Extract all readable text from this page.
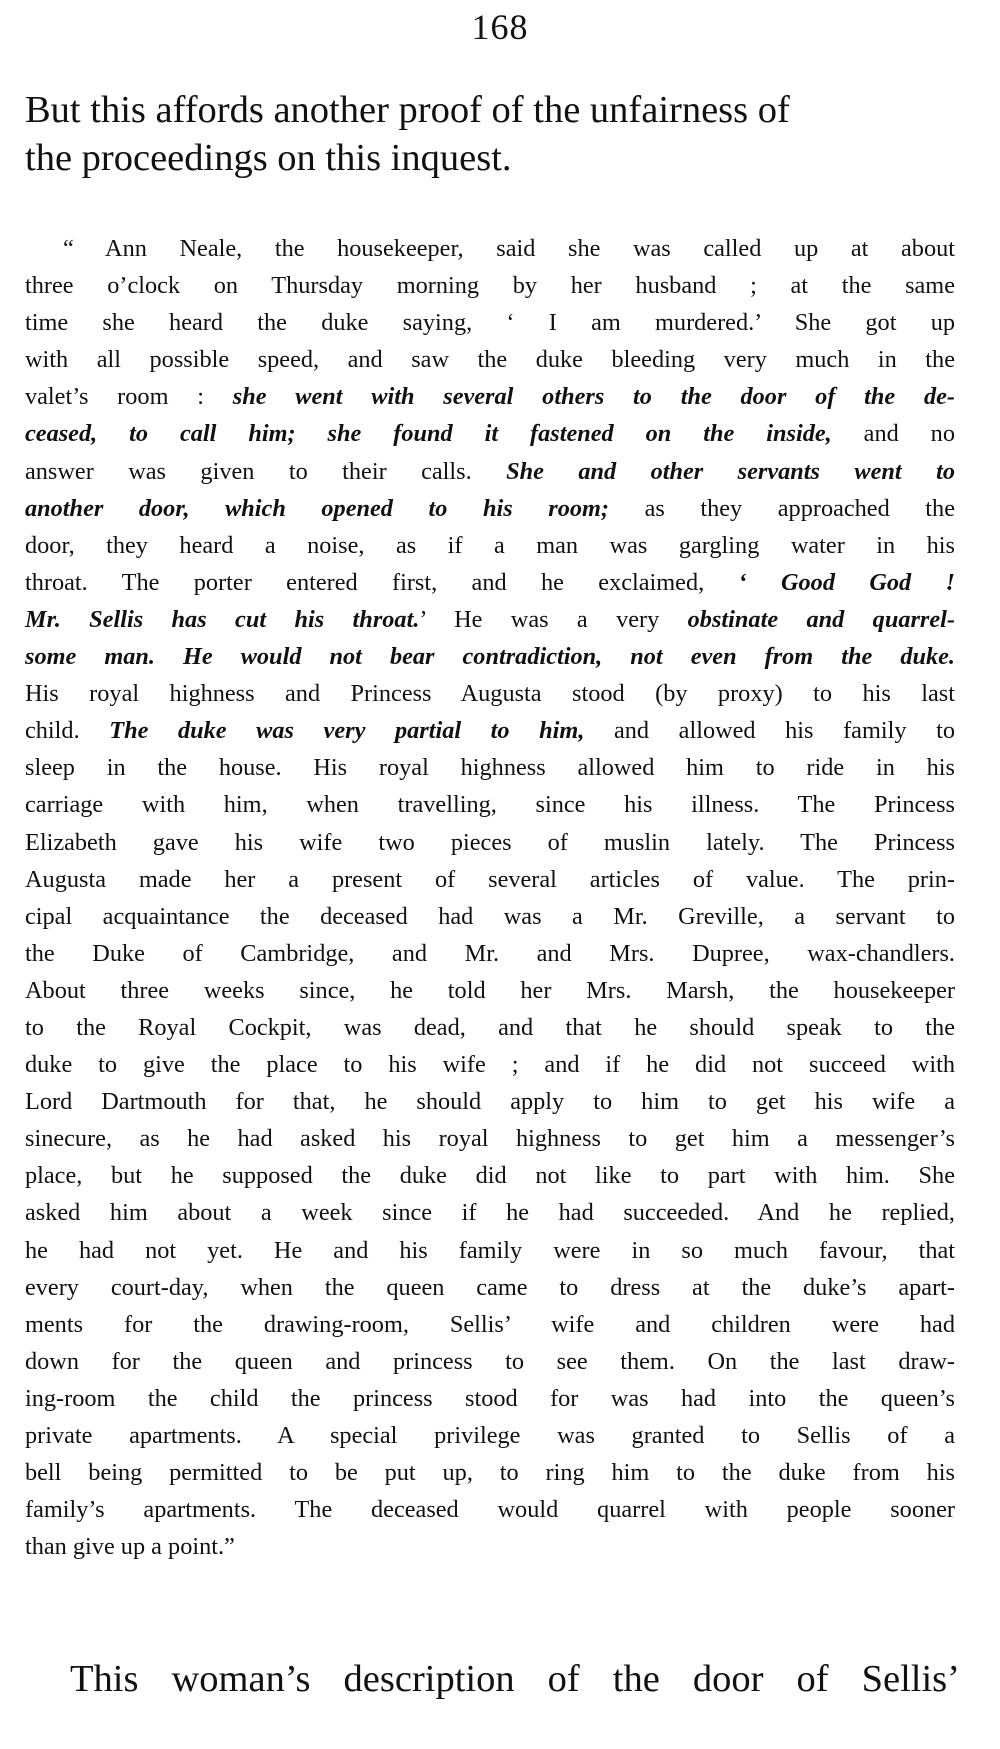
168
But this affords another proof of the unfairness of
the proceedings on this inquest.
“ Ann Neale, the housekeeper, said she was called up at about
three o’clock on Thursday morning by her husband ; at the same
time she heard the duke saying, ‘ I am murdered.’ She got up
with all possible speed, and saw the duke bleeding very much in the
valet’s room : she went with several others to the door of the de-
ceased, to call him; she found it fastened on the inside, and no
answer was given to their calls. She and other servants went to
another door, which opened to his room; as they approached the
door, they heard a noise, as if a man was gargling water in his
throat. The porter entered first, and he exclaimed, ‘ Good God !
Mr. Sellis has cut his throat.’ He was a very obstinate and quarrel-
some man. He would not bear contradiction, not even from the duke.
His royal highness and Princess Augusta stood (by proxy) to his last
child. The duke was very partial to him, and allowed his family to
sleep in the house. His royal highness allowed him to ride in his
carriage with him, when travelling, since his illness. The Princess
Elizabeth gave his wife two pieces of muslin lately. The Princess
Augusta made her a present of several articles of value. The prin-
cipal acquaintance the deceased had was a Mr. Greville, a servant to
the Duke of Cambridge, and Mr. and Mrs. Dupree, wax-chandlers.
About three weeks since, he told her Mrs. Marsh, the housekeeper
to the Royal Cockpit, was dead, and that he should speak to the
duke to give the place to his wife ; and if he did not succeed with
Lord Dartmouth for that, he should apply to him to get his wife a
sinecure, as he had asked his royal highness to get him a messenger’s
place, but he supposed the duke did not like to part with him. She
asked him about a week since if he had succeeded. And he replied,
he had not yet. He and his family were in so much favour, that
every court-day, when the queen came to dress at the duke’s apart-
ments for the drawing-room, Sellis’ wife and children were had
down for the queen and princess to see them. On the last draw-
ing-room the child the princess stood for was had into the queen’s
private apartments. A special privilege was granted to Sellis of a
bell being permitted to be put up, to ring him to the duke from his
family’s apartments. The deceased would quarrel with people sooner
than give up a point.”
This woman’s description of the door of Sellis’
